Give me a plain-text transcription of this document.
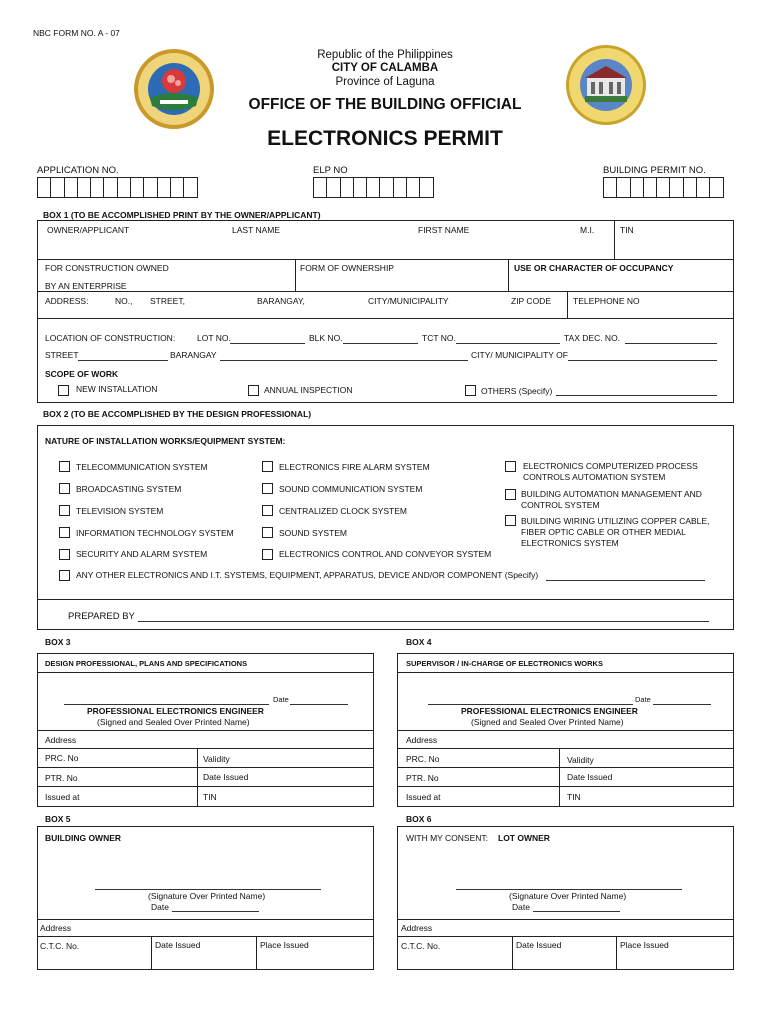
NBC FORM NO. A - 07
Republic of the Philippines
CITY OF CALAMBA
Province of Laguna
OFFICE OF THE BUILDING OFFICIAL
ELECTRONICS PERMIT
APPLICATION NO.	ELP NO	BUILDING PERMIT NO.
BOX 1 (TO BE ACCOMPLISHED PRINT BY THE OWNER/APPLICANT)
OWNER/APPLICANT	LAST NAME	FIRST NAME	M.I.	TIN
FOR CONSTRUCTION OWNED
BY AN ENTERPRISE
FORM OF OWNERSHIP	USE OR CHARACTER OF OCCUPANCY
ADDRESS:	NO., STREET,	BARANGAY,	CITY/MUNICIPALITY	ZIP CODE	TELEPHONE NO
LOCATION OF CONSTRUCTION:	LOT NO.	BLK NO.	TCT NO.	TAX DEC. NO.
STREET	BARANGAY	CITY/ MUNICIPALITY OF
SCOPE OF WORK
NEW INSTALLATION	ANNUAL INSPECTION	OTHERS (Specify)
BOX 2 (TO BE ACCOMPLISHED BY THE DESIGN PROFESSIONAL)
NATURE OF INSTALLATION WORKS/EQUIPMENT SYSTEM:
TELECOMMUNICATION SYSTEM
BROADCASTING SYSTEM
TELEVISION SYSTEM
INFORMATION TECHNOLOGY SYSTEM
SECURITY AND ALARM SYSTEM
ELECTRONICS FIRE ALARM SYSTEM
SOUND COMMUNICATION SYSTEM
CENTRALIZED CLOCK SYSTEM
SOUND SYSTEM
ELECTRONICS CONTROL AND CONVEYOR SYSTEM
ELECTRONICS COMPUTERIZED PROCESS
CONTROLS AUTOMATION SYSTEM
BUILDING AUTOMATION MANAGEMENT AND
CONTROL SYSTEM
BUILDING WIRING UTILIZING COPPER CABLE,
FIBER OPTIC CABLE OR OTHER MEDIAL
ELECTRONICS SYSTEM
ANY OTHER ELECTRONICS AND I.T. SYSTEMS, EQUIPMENT, APPARATUS, DEVICE AND/OR COMPONENT (Specify)
PREPARED BY
BOX 3
DESIGN PROFESSIONAL, PLANS AND SPECIFICATIONS
Date
PROFESSIONAL ELECTRONICS ENGINEER
(Signed and Sealed Over Printed Name)
Address
PRC. No	Validity
PTR. No	Date Issued
Issued at	TIN
BOX 4
SUPERVISOR / IN-CHARGE OF ELECTRONICS WORKS
Date
PROFESSIONAL ELECTRONICS ENGINEER
(Signed and Sealed Over Printed Name)
Address
PRC. No	Validity
PTR. No	Date Issued
Issued at	TIN
BOX 5
BUILDING OWNER
(Signature Over Printed Name)
Date
Address
C.T.C. No.	Date Issued	Place Issued
BOX 6
WITH MY CONSENT: LOT OWNER
(Signature Over Printed Name)
Date
Address
C.T.C. No.	Date Issued	Place Issued
